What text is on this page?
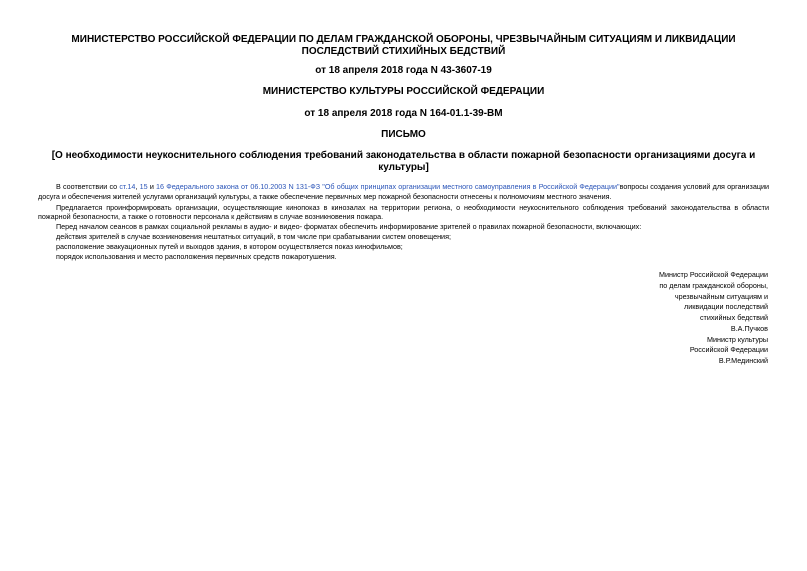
МИНИСТЕРСТВО РОССИЙСКОЙ ФЕДЕРАЦИИ ПО ДЕЛАМ ГРАЖДАНСКОЙ ОБОРОНЫ, ЧРЕЗВЫЧАЙНЫМ СИТУАЦИЯМ И ЛИКВИДАЦИИ ПОСЛЕДСТВИЙ СТИХИЙНЫХ БЕДСТВИЙ
от 18 апреля 2018 года N 43-3607-19
МИНИСТЕРСТВО КУЛЬТУРЫ РОССИЙСКОЙ ФЕДЕРАЦИИ
от 18 апреля 2018 года N 164-01.1-39-ВМ
ПИСЬМО
[О необходимости неукоснительного соблюдения требований законодательства в области пожарной безопасности организациями досуга и культуры]

В соответствии со ст.14, 15 и 16 Федерального закона от 06.10.2003 N 131-ФЗ "Об общих принципах организации местного самоуправления в Российской Федерации"вопросы создания условий для организации досуга и обеспечения жителей услугами организаций культуры, а также обеспечение первичных мер пожарной безопасности отнесены к полномочиям местного значения.

Предлагается проинформировать организации, осуществляющие кинопоказ в кинозалах на территории региона, о необходимости неукоснительного соблюдения требований законодательства в области пожарной безопасности, а также о готовности персонала к действиям в случае возникновения пожара.

Перед началом сеансов в рамках социальной рекламы в аудио- и видео- форматах обеспечить информирование зрителей о правилах пожарной безопасности, включающих:

действия зрителей в случае возникновения нештатных ситуаций, в том числе при срабатывании систем оповещения;

расположение эвакуационных путей и выходов здания, в котором осуществляется показ кинофильмов;

порядок использования и место расположения первичных средств пожаротушения.

Министр Российской Федерации
по делам гражданской обороны,
чрезвычайным ситуациям и
ликвидации последствий
стихийных бедствий
В.А.Пучков
Министр культуры
Российской Федерации
В.Р.Мединский
